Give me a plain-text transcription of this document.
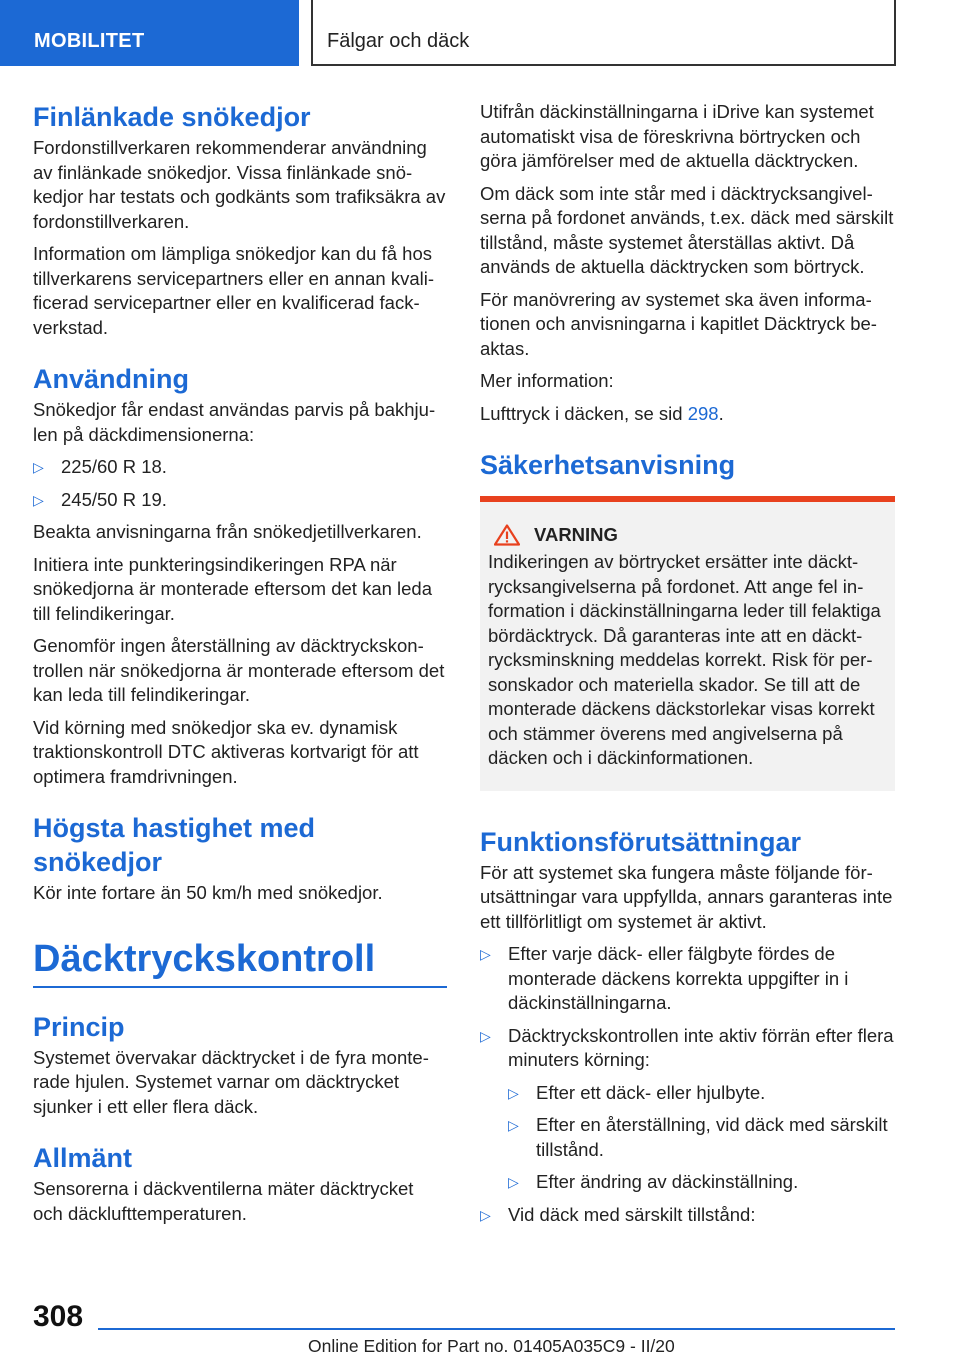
MOBILITET	Fälgar och däck
Finlänkade snökedjor

Fordonstillverkaren rekommenderar användning av finlänkade snökedjor. Vissa finlänkade snökedjor har testats och godkänts som trafiksäkra av fordonstillverkaren.

Information om lämpliga snökedjor kan du få hos tillverkarens servicepartners eller en annan kvalificerad servicepartner eller en kvalificerad fackverkstad.

Användning

Snökedjor får endast användas parvis på bakhjulen på däckdimensionerna:

▷ 225/60 R 18.
▷ 245/50 R 19.

Beakta anvisningarna från snökedjetillverkaren.

Initiera inte punkteringsindikeringen RPA när snökedjorna är monterade eftersom det kan leda till felindikeringar.

Genomför ingen återställning av däcktryckskontrollen när snökedjorna är monterade eftersom det kan leda till felindikeringar.

Vid körning med snökedjor ska ev. dynamisk traktionskontroll DTC aktiveras kortvarigt för att optimera framdrivningen.

Högsta hastighet med snökedjor

Kör inte fortare än 50 km/h med snökedjor.

Däcktryckskontroll
Princip

Systemet övervakar däcktrycket i de fyra monterade hjulen. Systemet varnar om däcktrycket sjunker i ett eller flera däck.

Allmänt

Sensorerna i däckventilerna mäter däcktrycket och däcklufttemperaturen.

Utifrån däckinställningarna i iDrive kan systemet automatiskt visa de föreskrivna börtrycken och göra jämförelser med de aktuella däcktrycken.

Om däck som inte står med i däcktrycksangivelserna på fordonet används, t.ex. däck med särskilt tillstånd, måste systemet återställas aktivt. Då används de aktuella däcktrycken som börtryck.

För manövrering av systemet ska även informationen och anvisningarna i kapitlet Däcktryck beaktas.

Mer information:

Lufttryck i däcken, se sid 298.

Säkerhetsanvisning
VARNING

Indikeringen av börtrycket ersätter inte däcktrycksangivelserna på fordonet. Att ange fel information i däckinställningarna leder till felaktiga bördäcktryck. Då garanteras inte att en däcktrycksminskning meddelas korrekt. Risk för personskador och materiella skador. Se till att de monterade däckens däckstorlekar visas korrekt och stämmer överens med angivelserna på däcken och i däckinformationen.

Funktionsförutsättningar

För att systemet ska fungera måste följande förutsättningar vara uppfyllda, annars garanteras inte ett tillförlitligt om systemet är aktivt.

▷ Efter varje däck- eller fälgbyte fördes de monterade däckens korrekta uppgifter in i däckinställningarna.
▷ Däcktryckskontrollen inte aktiv förrän efter flera minuters körning:
▷ Efter ett däck- eller hjulbyte.
▷ Efter en återställning, vid däck med särskilt tillstånd.
▷ Efter ändring av däckinställning.
▷ Vid däck med särskilt tillstånd:
308
Online Edition for Part no. 01405A035C9 - II/20
